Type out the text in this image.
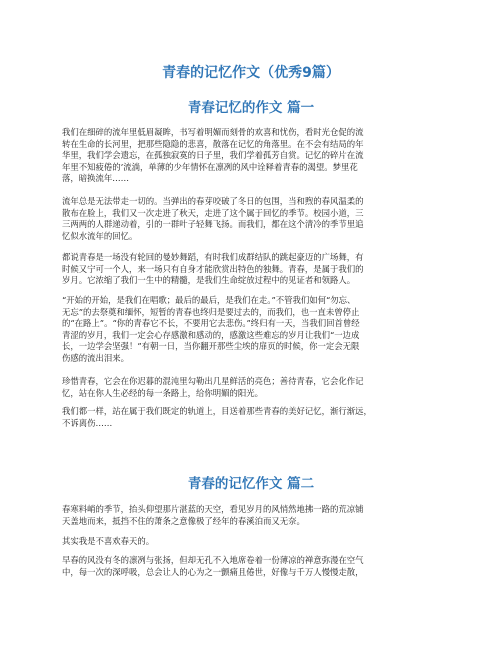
青春的记忆作文（优秀9篇）
青春记忆的作文 篇一
我们在细碎的流年里低眉凝眸，书写着明媚而刻骨的欢喜和忧伤，看时光仓促的流
转在生命的长河里，把那些隐隐的悲喜，散落在记忆的角落里。在不会有结局的年
华里，我们学会遗忘，在孤独寂寞的日子里，我们学着孤芳自赏。记忆的碎片在流
年里不知疲倦的’流淌，单薄的少年情怀在凛冽的风中诠释着青春的渴望。梦里花
落，暗换流年……
流年总是无法带走一切的。当弹出的春芽咬破了冬日的包围，当和煦的春风温柔的
散布在脸上，我们又一次走进了秋天，走进了这个属于回忆的季节。校园小道，三
三两两的人群递动着，引的一群叶子轻舞飞扬。而我们，都在这个清冷的季节里追
忆似水流年的回忆。
都说青春是一场没有轮回的曼妙舞蹈，有时我们成群结队的跳起豪迈的广场舞，有
时候又宁可一个人，来一场只有自身才能欣赏出特色的独舞。青春，是属于我们的
岁月。它浓缩了我们一生中的精髓，是我们生命绽放过程中的见证者和领路人。
“开始的开始，是我们在唱歌；最后的最后，是我们在走。”不管我们如何“勿忘、
无忘”的去祭奠和缅怀，短暂的青春也终归是要过去的，而我们，也一直未曾停止
的“在路上”。“你的青春它不长，不要用它去悲伤。”终归有一天，当我们回首曾经
青涩的岁月，我们一定会心存感激和感动的，感激这些难忘的岁月让我们“一边成
长，一边学会坚强！”有朝一日，当你翻开那些尘埃的扉页的时候，你一定会无限
伤感的流出泪来。
珍惜青春，它会在你迟暮的混沌里勾勒出几星鲜活的亮色；善待青春，它会化作记
忆，站在你人生必经的每一条路上，给你明媚的阳光。
我们都一样，站在属于我们既定的轨道上，目送着那些青春的美好记忆，渐行渐远，
不诉离伤……
青春的记忆作文 篇二
春寒料峭的季节，抬头仰望那片湛蓝的天空，看见岁月的风悄然地拂一路的荒凉铺
天盖地而来，抵挡不住的萧条之意像极了经年的春溪泊而又无奈。
其实我是不喜欢春天的。
早春的风没有冬的凛冽与张扬，但却无孔不入地席卷着一份薄凉的禅意弥漫在空气
中，每一次的深呼吸，总会让人的心为之一颤痛且倦世，好像与千万人慢慢走散，
